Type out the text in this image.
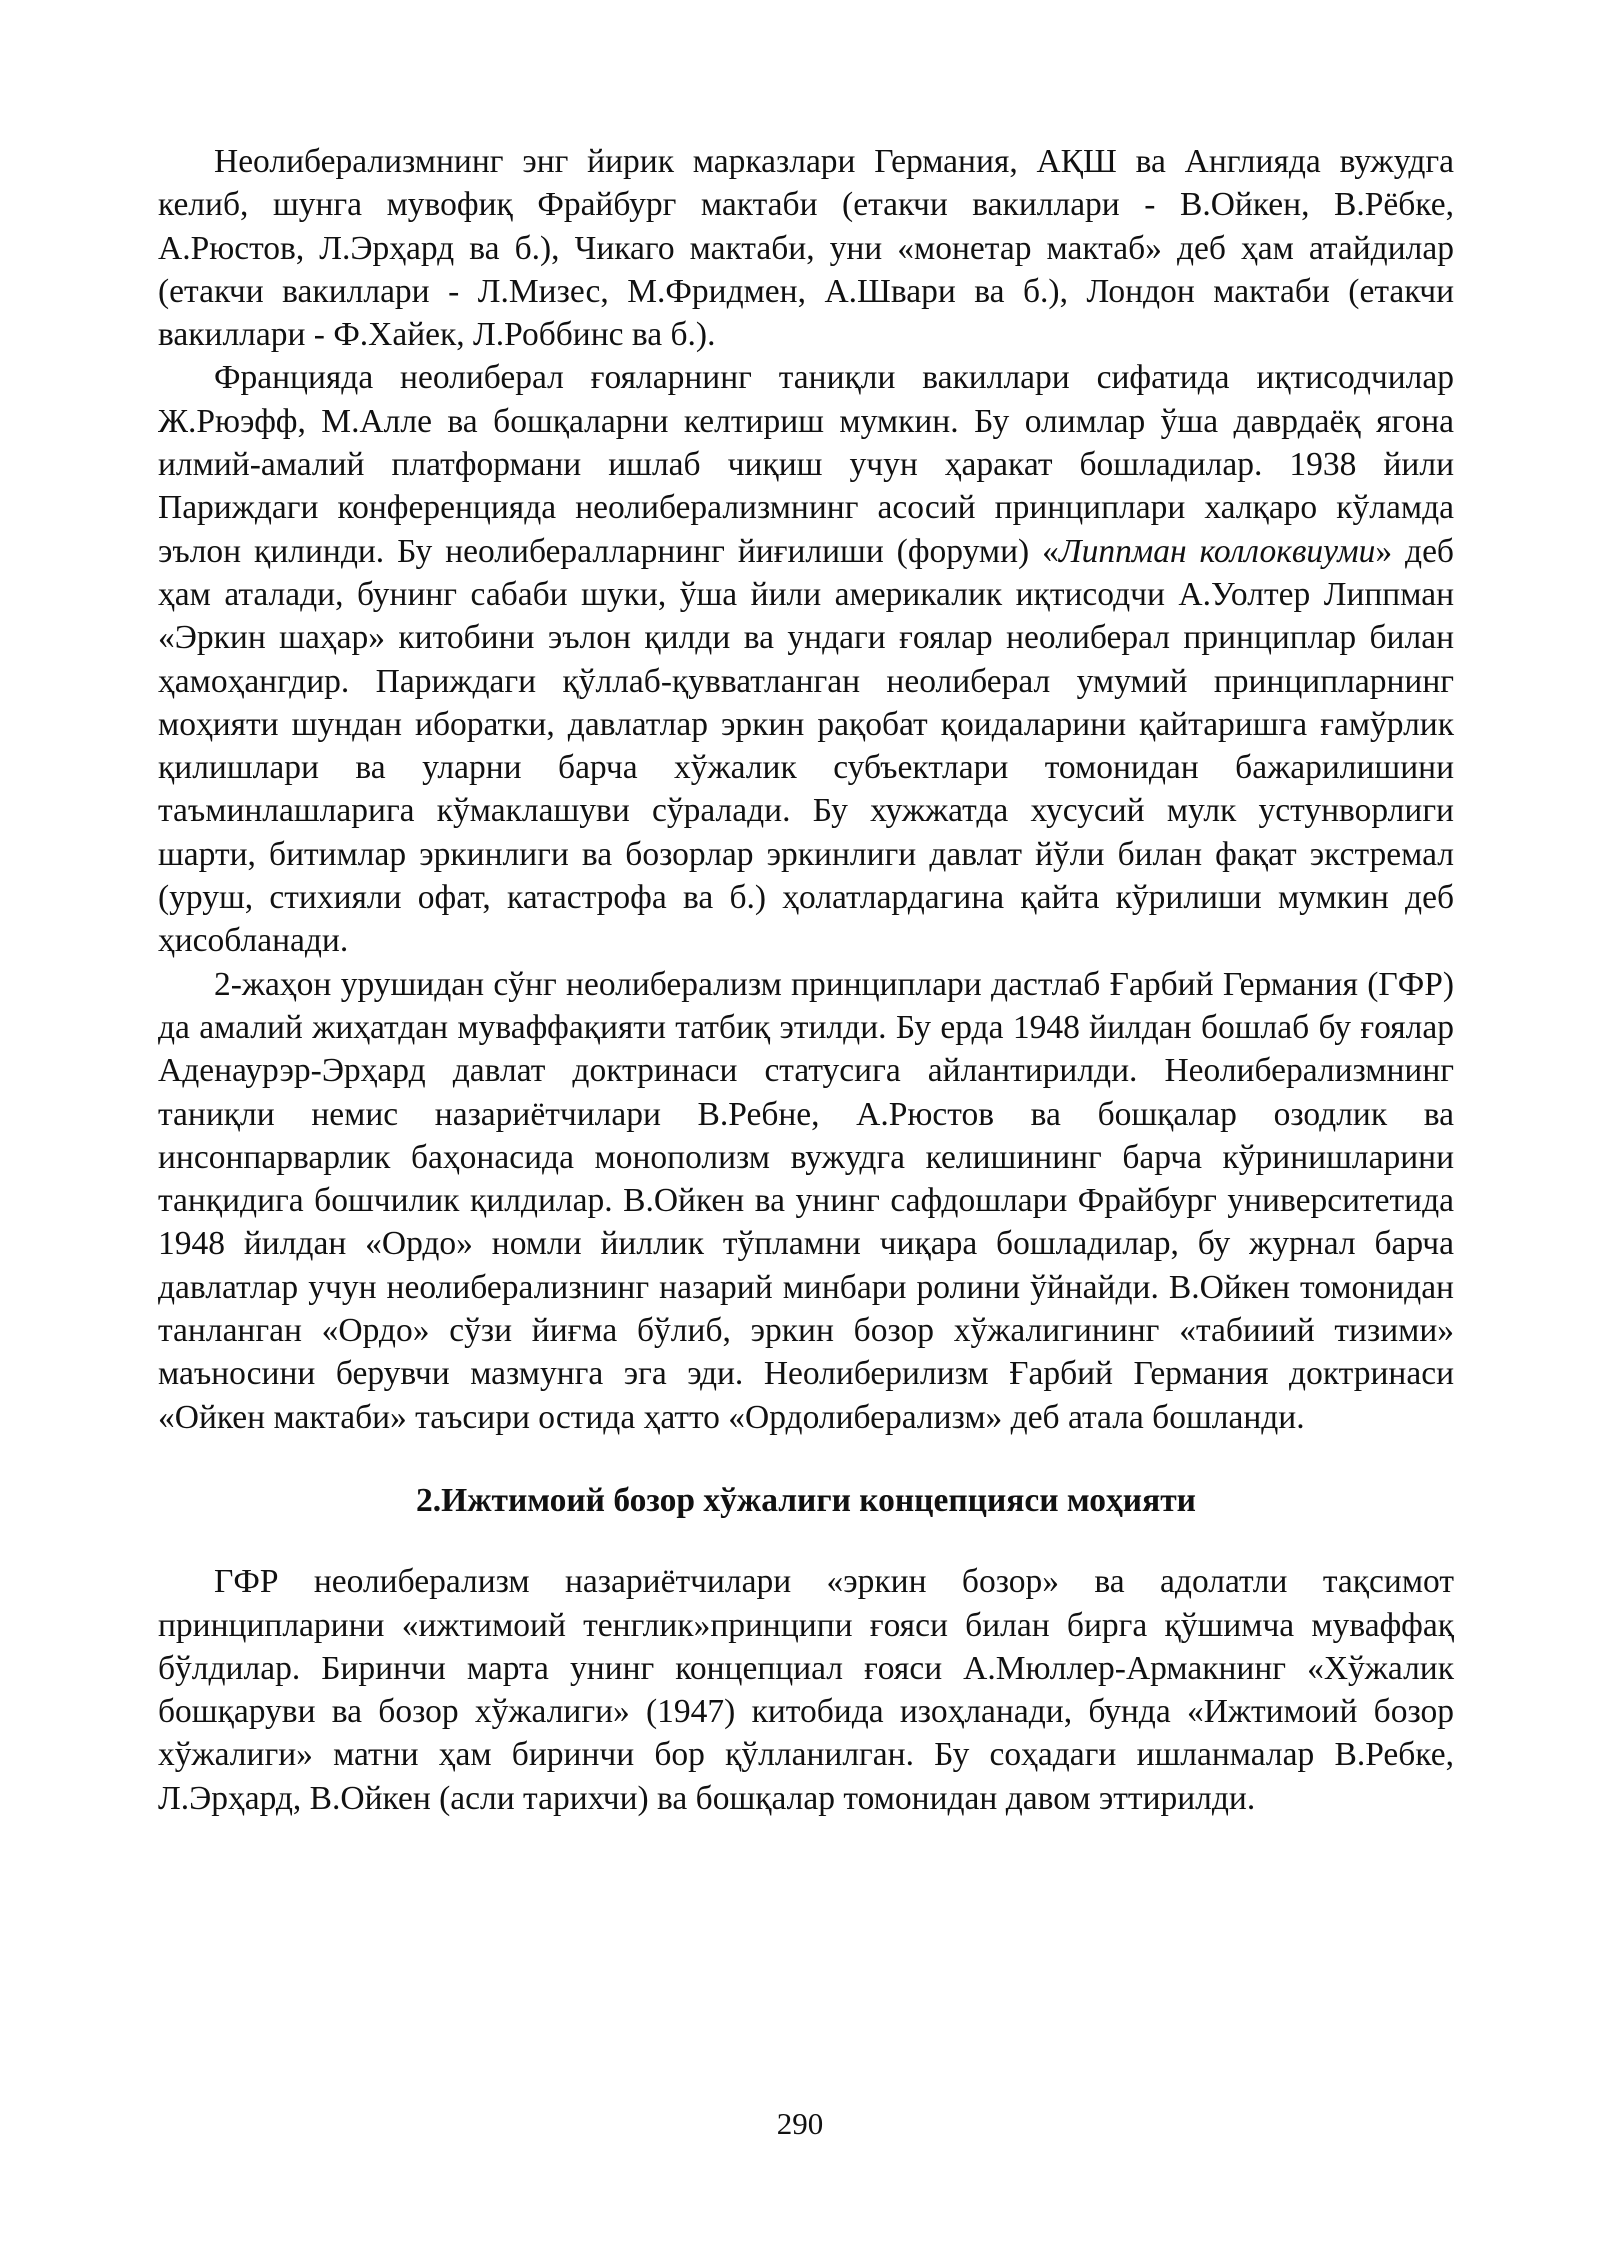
Неолиберализмнинг энг йирик марказлари Германия, АҚШ ва Англияда вужудга келиб, шунга мувофиқ Фрайбург мактаби (етакчи вакиллари - В.Ойкен, В.Рёбке, А.Рюстов, Л.Эрҳард ва б.), Чикаго мактаби, уни «монетар мактаб» деб ҳам атайдилар (етакчи вакиллари - Л.Мизес, М.Фридмен, А.Швари ва б.), Лондон мактаби (етакчи вакиллари - Ф.Хайек, Л.Роббинс ва б.).

Францияда неолиберал ғояларнинг таниқли вакиллари сифатида иқтисодчилар Ж.Рюэфф, М.Алле ва бошқаларни келтириш мумкин. Бу олимлар ўша даврдаёқ ягона илмий-амалий платформани ишлаб чиқиш учун ҳаракат бошладилар. 1938 йили Париждаги конференцияда неолиберализмнинг асосий принциплари халқаро кўламда эълон қилинди. Бу неолибералларнинг йиғилиши (форуми) «Липпман коллоквиуми» деб ҳам аталади, бунинг сабаби шуки, ўша йили америкалик иқтисодчи А.Уолтер Липпман «Эркин шаҳар» китобини эълон қилди ва ундаги ғоялар неолиберал принциплар билан ҳамоҳангдир. Париждаги қўллаб-қувватланган неолиберал умумий принципларнинг моҳияти шундан иборатки, давлатлар эркин рақобат қоидаларини қайтаришга ғамўрлик қилишлари ва уларни барча хўжалик субъектлари томонидан бажарилишини таъминлашларига кўмаклашуви сўралади. Бу хужжатда хусусий мулк устунворлиги шарти, битимлар эркинлиги ва бозорлар эркинлиги давлат йўли билан фақат экстремал (уруш, стихияли офат, катастрофа ва б.) ҳолатлардагина қайта кўрилиши мумкин деб ҳисобланади.

2-жаҳон урушидан сўнг неолиберализм принциплари дастлаб Ғарбий Германия (ГФР) да амалий жиҳатдан муваффақияти татбиқ этилди. Бу ерда 1948 йилдан бошлаб бу ғоялар Аденаурэр-Эрҳард давлат доктринаси статусига айлантирилди. Неолиберализмнинг таниқли немис назариётчилари В.Ребне, А.Рюстов ва бошқалар озодлик ва инсонпарварлик баҳонасида монополизм вужудга келишининг барча кўринишларини танқидига бошчилик қилдилар. В.Ойкен ва унинг сафдошлари Фрайбург университетида 1948 йилдан «Ордо» номли йиллик тўпламни чиқара бошладилар, бу журнал барча давлатлар учун неолиберализнинг назарий минбари ролини ўйнайди. В.Ойкен томонидан танланган «Ордо» сўзи йиғма бўлиб, эркин бозор хўжалигининг «табииий тизими» маъносини берувчи мазмунга эга эди. Неолиберилизм Ғарбий Германия доктринаси «Ойкен мактаби» таъсири остида ҳатто «Ордолиберализм» деб атала бошланди.

2.Ижтимоий бозор хўжалиги концепцияси моҳияти

ГФР неолиберализм назариётчилари «эркин бозор» ва адолатли тақсимот принципларини «ижтимоий тенглик»принципи ғояси билан бирга қўшимча муваффақ бўлдилар. Биринчи марта унинг концепциал ғояси А.Мюллер-Армакнинг «Хўжалик бошқаруви ва бозор хўжалиги» (1947) китобида изоҳланади, бунда «Ижтимоий бозор хўжалиги» матни ҳам биринчи бор қўлланилган. Бу соҳадаги ишланмалар В.Ребке, Л.Эрҳард, В.Ойкен (асли тарихчи) ва бошқалар томонидан давом эттирилди.

290
